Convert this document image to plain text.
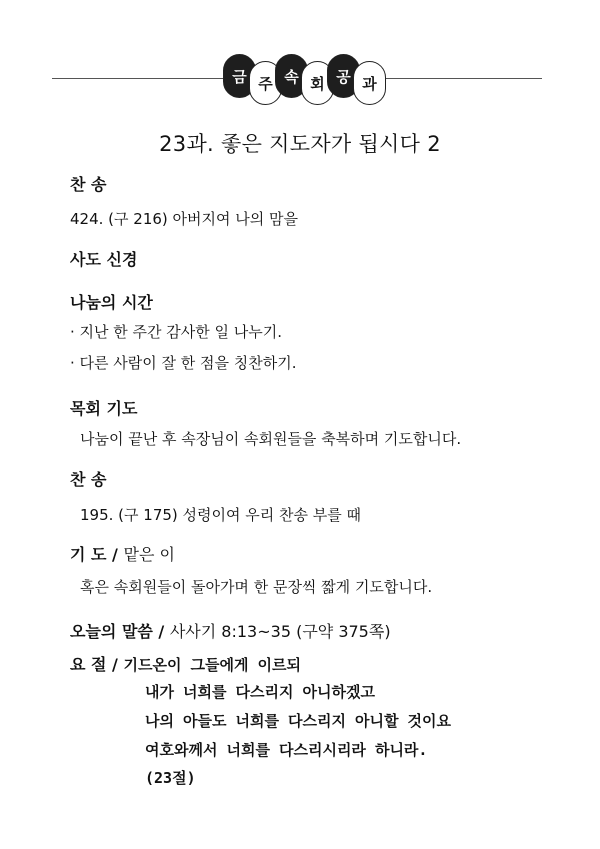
금 주 속 회 공 과
23과. 좋은 지도자가 됩시다 2
찬 송
424. (구 216) 아버지여 나의 맘을
사도 신경
나눔의 시간
· 지난 한 주간 감사한 일 나누기.
· 다른 사람이 잘 한 점을 칭찬하기.
목회 기도
나눔이 끝난 후 속장님이 속회원들을 축복하며 기도합니다.
찬 송
195. (구 175) 성령이여 우리 찬송 부를 때
기 도 / 맡은 이
혹은 속회원들이 돌아가며 한 문장씩 짧게 기도합니다.
오늘의 말씀 / 사사기 8:13~35 (구약 375쪽)
요 절 / 기드온이 그들에게 이르되
내가 너희를 다스리지 아니하겠고
나의 아들도 너희를 다스리지 아니할 것이요
여호와께서 너희를 다스리시리라 하니라.
(23절)
